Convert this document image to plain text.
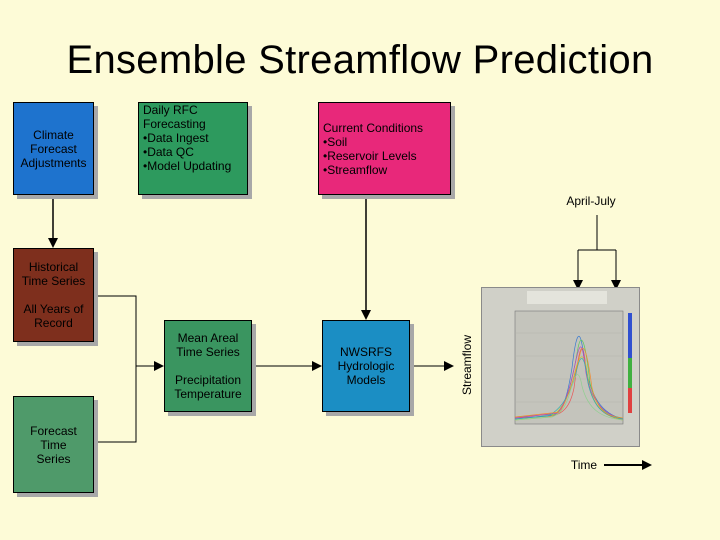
Ensemble Streamflow Prediction
Climate
Forecast
Adjustments
Daily RFC
Forecasting
•Data Ingest
•Data QC
•Model Updating
Current Conditions
•Soil
•Reservoir Levels
•Streamflow
Historical
Time Series
All Years of
Record
Mean Areal
Time Series
Precipitation
Temperature
NWSRFS
Hydrologic
Models
Forecast
Time
Series
April-July
Streamflow
Time
